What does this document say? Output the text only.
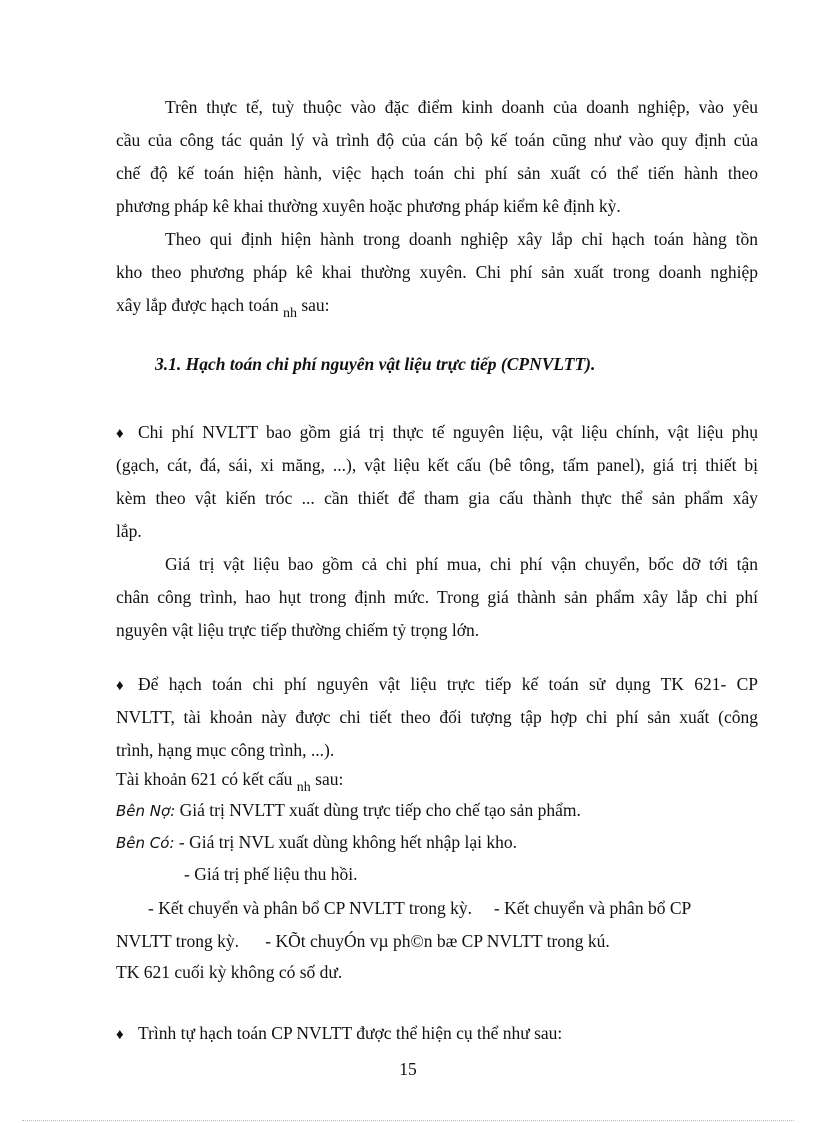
Trên thực tế, tuỳ thuộc vào đặc điểm kinh doanh của doanh nghiệp, vào yêu
cầu của công tác quản lý và trình độ của cán bộ kế toán cũng như vào quy định của
chế độ kế toán hiện hành, việc hạch toán chi phí sản xuất có thể tiến hành theo
phương pháp kê khai thường xuyên hoặc phương pháp kiểm kê định kỳ.
Theo qui định hiện hành trong doanh nghiệp xây lắp chỉ hạch toán hàng tồn
kho theo phương pháp kê khai thường xuyên. Chi phí sản xuất trong doanh nghiệp
xây lắp được hạch toán $_{nh}$ sau:
3.1. Hạch toán chi phí nguyên vật liệu trực tiếp (CPNVLTT).
♦ Chi phí NVLTT bao gồm giá trị thực tế nguyên liệu, vật liệu chính, vật liệu phụ
(gạch, cát, đá, sái, xi măng, ...), vật liệu kết cấu (bê tông, tấm panel), giá trị thiết bị
kèm theo vật kiến tróc ... cần thiết để tham gia cấu thành thực thể sản phẩm xây
lắp.
Giá trị vật liệu bao gồm cả chi phí mua, chi phí vận chuyển, bốc dỡ tới tận
chân công trình, hao hụt trong định mức. Trong giá thành sản phẩm xây lắp chi phí
nguyên vật liệu trực tiếp thường chiếm tỷ trọng lớn.
♦ Để hạch toán chi phí nguyên vật liệu trực tiếp kế toán sử dụng TK 621- CP
NVLTT, tài khoản này được chi tiết theo đối tượng tập hợp chi phí sản xuất (công
trình, hạng mục công trình, ...).
Tài khoản 621 có kết cấu $_{nh}$ sau:
Bên Nợ: Giá trị NVLTT xuất dùng trực tiếp cho chế tạo sản phẩm.
Bên Có: - Giá trị NVL xuất dùng không hết nhập lại kho.
- Giá trị phế liệu thu hồi.
- Kết chuyển và phân bổ CP NVLTT trong kỳ.     - Kết chuyển và phân bổ CP
NVLTT trong kỳ.      - KÕt chuyÓn vµ ph©n bæ CP NVLTT trong kú.
TK 621 cuối kỳ không có số dư.
♦ Trình tự hạch toán CP NVLTT được thể hiện cụ thể như sau:
15
